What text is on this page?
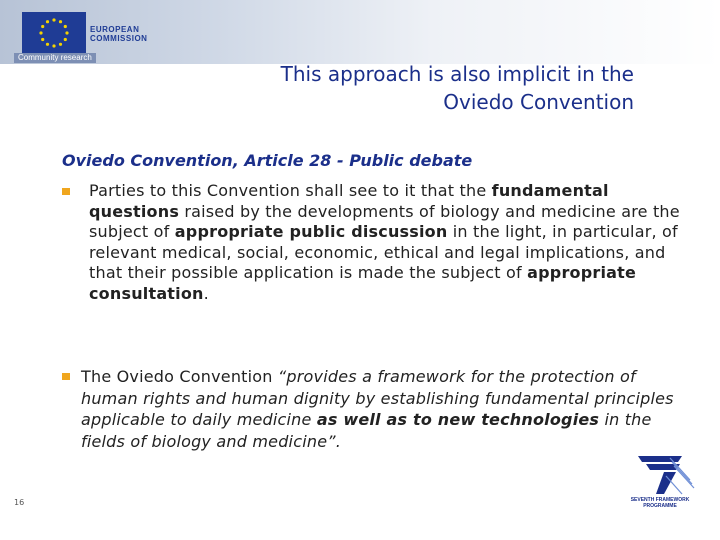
EUROPEAN
COMMISSION
Community research
This approach is also implicit in the
Oviedo Convention
Oviedo Convention, Article 28 - Public debate
Parties to this Convention shall see to it that the fundamental questions raised by the developments of biology and medicine are the subject of appropriate public discussion in the light, in particular, of relevant medical, social, economic, ethical and legal implications, and that their possible application is made the subject of appropriate consultation.
The Oviedo Convention “provides a framework for the protection of human rights and human dignity by establishing fundamental principles applicable to daily medicine as well as to new technologies in the fields of biology and medicine”.
16	SEVENTH FRAMEWORK
PROGRAMME
